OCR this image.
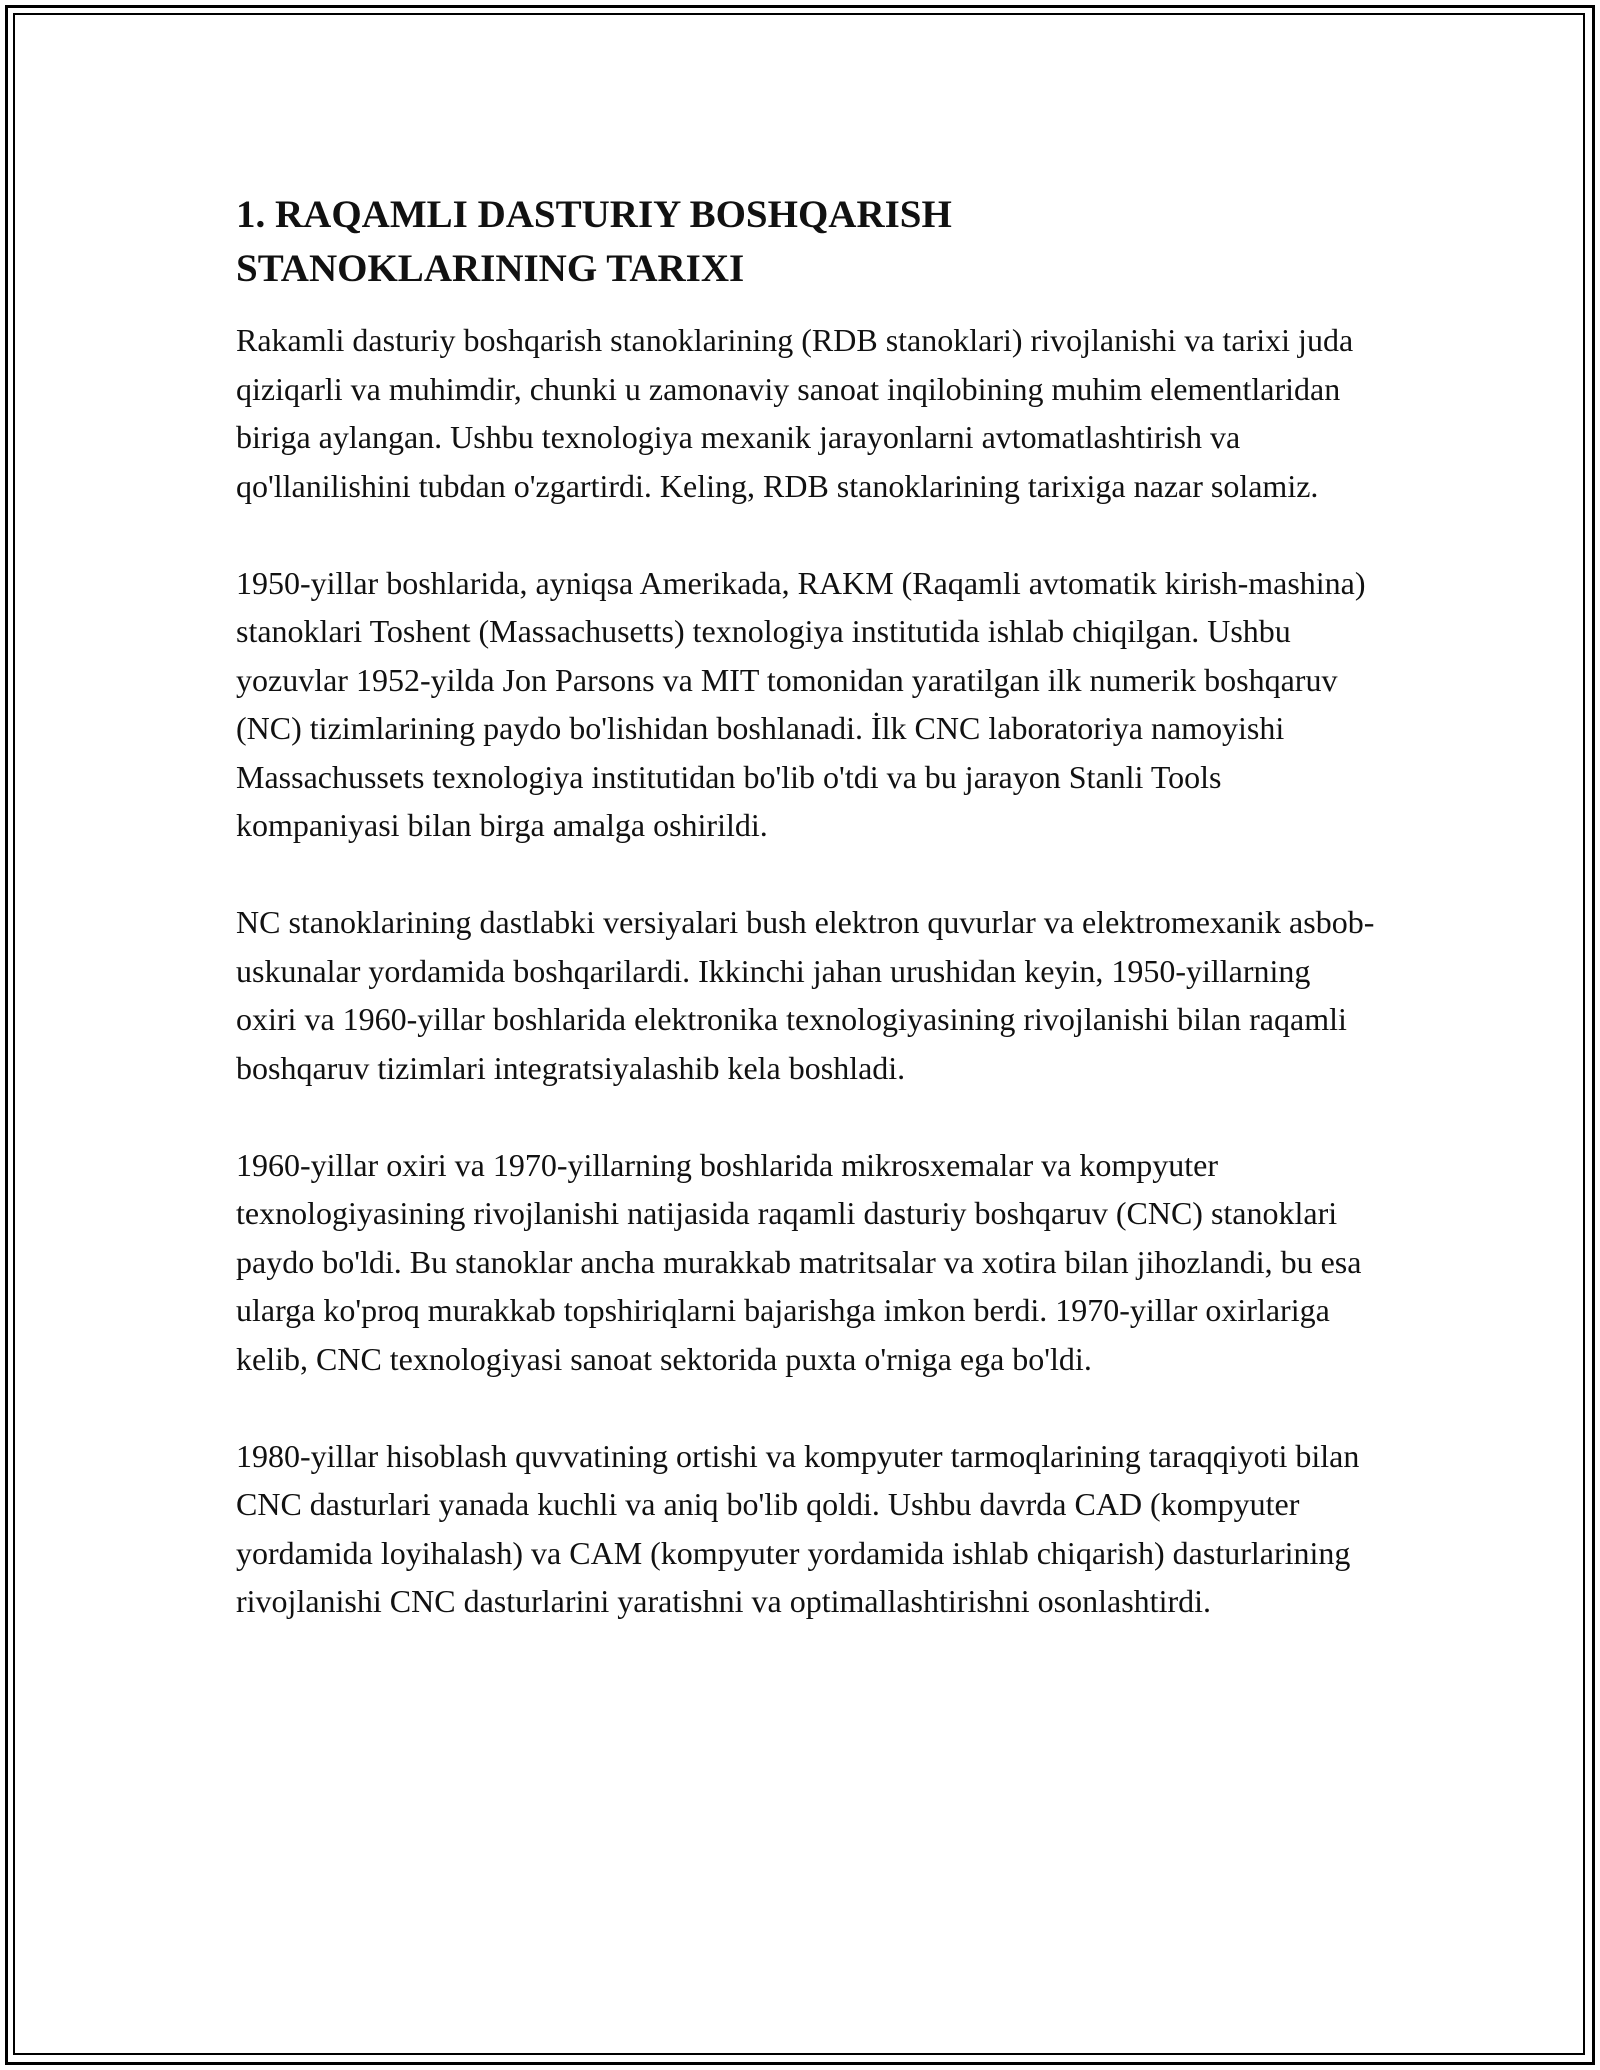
1. RAQAMLI DASTURIY BOSHQARISH STANOKLARINING TARIXI

Rakamli dasturiy boshqarish stanoklarining (RDB stanoklari) rivojlanishi va tarixi juda qiziqarli va muhimdir, chunki u zamonaviy sanoat inqilobining muhim elementlaridan biriga aylangan. Ushbu texnologiya mexanik jarayonlarni avtomatlashtirish va qo'llanilishini tubdan o'zgartirdi. Keling, RDB stanoklarining tarixiga nazar solamiz.

1950-yillar boshlarida, ayniqsa Amerikada, RAKM (Raqamli avtomatik kirish-mashina) stanoklari Toshent (Massachusetts) texnologiya institutida ishlab chiqilgan. Ushbu yozuvlar 1952-yilda Jon Parsons va MIT tomonidan yaratilgan ilk numerik boshqaruv (NC) tizimlarining paydo bo'lishidan boshlanadi. İlk CNC laboratoriya namoyishi Massachussets texnologiya institutidan bo'lib o'tdi va bu jarayon Stanli Tools kompaniyasi bilan birga amalga oshirildi.

NC stanoklarining dastlabki versiyalari bush elektron quvurlar va elektromexanik asbob-uskunalar yordamida boshqarilardi. Ikkinchi jahan urushidan keyin, 1950-yillarning oxiri va 1960-yillar boshlarida elektronika texnologiyasining rivojlanishi bilan raqamli boshqaruv tizimlari integratsiyalashib kela boshladi.

1960-yillar oxiri va 1970-yillarning boshlarida mikrosxemalar va kompyuter texnologiyasining rivojlanishi natijasida raqamli dasturiy boshqaruv (CNC) stanoklari paydo bo'ldi. Bu stanoklar ancha murakkab matritsalar va xotira bilan jihozlandi, bu esa ularga ko'proq murakkab topshiriqlarni bajarishga imkon berdi. 1970-yillar oxirlariga kelib, CNC texnologiyasi sanoat sektorida puxta o'rniga ega bo'ldi.

1980-yillar hisoblash quvvatining ortishi va kompyuter tarmoqlarining taraqqiyoti bilan CNC dasturlari yanada kuchli va aniq bo'lib qoldi. Ushbu davrda CAD (kompyuter yordamida loyihalash) va CAM (kompyuter yordamida ishlab chiqarish) dasturlarining rivojlanishi CNC dasturlarini yaratishni va optimallashtirishni osonlashtirdi.
